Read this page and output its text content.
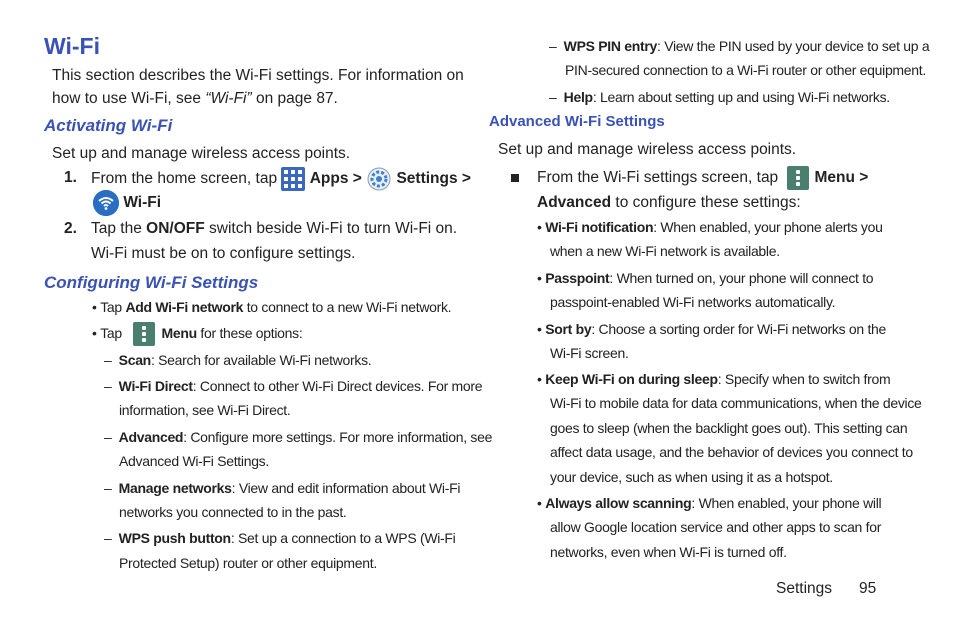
Wi-Fi
This section describes the Wi-Fi settings. For information on
how to use Wi-Fi, see “Wi-Fi” on page 87.
Activating Wi-Fi
Set up and manage wireless access points.
1. From the home screen, tap Apps > Settings >
Wi-Fi
2. Tap the ON/OFF switch beside Wi-Fi to turn Wi-Fi on.
Wi-Fi must be on to configure settings.
Configuring Wi-Fi Settings
• Tap Add Wi-Fi network to connect to a new Wi-Fi network.
• Tap	Menu for these options:
–  Scan: Search for available Wi-Fi networks.
–  Wi-Fi Direct: Connect to other Wi-Fi Direct devices. For more
information, see Wi-Fi Direct.
–  Advanced: Configure more settings. For more information, see
Advanced Wi-Fi Settings.
–  Manage networks: View and edit information about Wi-Fi
networks you connected to in the past.
–  WPS push button: Set up a connection to a WPS (Wi-Fi
Protected Setup) router or other equipment.
–  WPS PIN entry: View the PIN used by your device to set up a
PIN-secured connection to a Wi-Fi router or other equipment.
–  Help: Learn about setting up and using Wi-Fi networks.
Advanced Wi-Fi Settings
Set up and manage wireless access points.
From the Wi-Fi settings screen, tap Menu >
Advanced to configure these settings:
• Wi-Fi notification: When enabled, your phone alerts you
when a new Wi-Fi network is available.
• Passpoint: When turned on, your phone will connect to
passpoint-enabled Wi-Fi networks automatically.
• Sort by: Choose a sorting order for Wi-Fi networks on the
Wi-Fi screen.
• Keep Wi-Fi on during sleep: Specify when to switch from
Wi-Fi to mobile data for data communications, when the device
goes to sleep (when the backlight goes out). This setting can
affect data usage, and the behavior of devices you connect to
your device, such as when using it as a hotspot.
• Always allow scanning: When enabled, your phone will
allow Google location service and other apps to scan for
networks, even when Wi-Fi is turned off.
Settings 95
